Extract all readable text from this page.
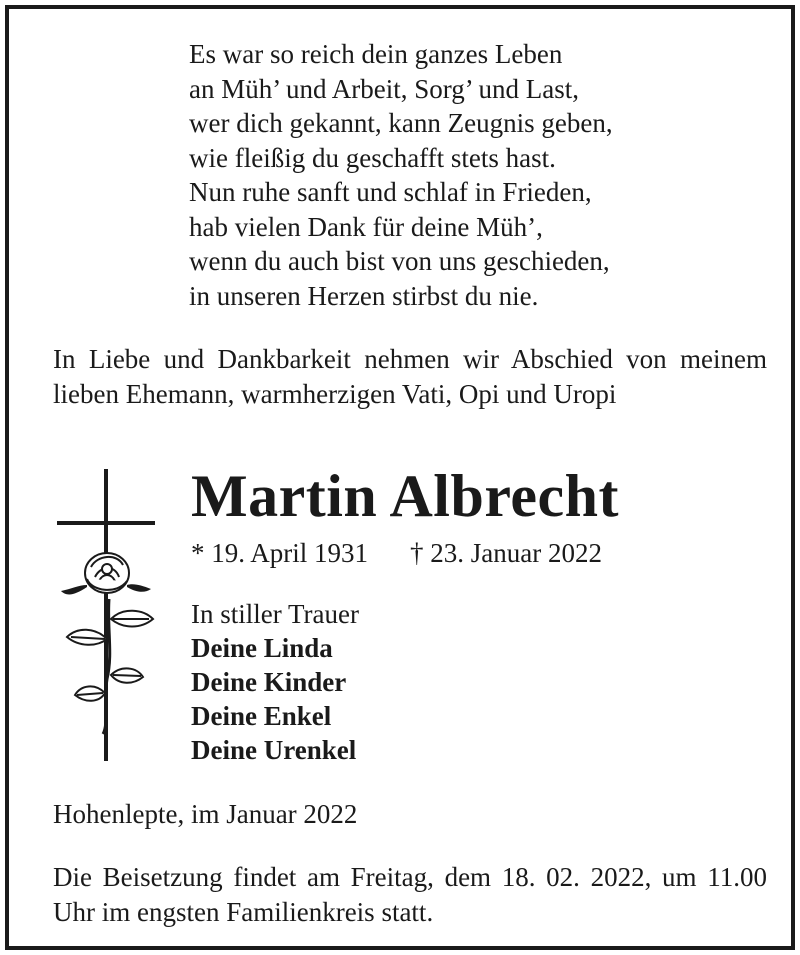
Es war so reich dein ganzes Leben
an Müh’ und Arbeit, Sorg’ und Last,
wer dich gekannt, kann Zeugnis geben,
wie fleißig du geschafft stets hast.
Nun ruhe sanft und schlaf in Frieden,
hab vielen Dank für deine Müh’,
wenn du auch bist von uns geschieden,
in unseren Herzen stirbst du nie.
In Liebe und Dankbarkeit nehmen wir Abschied von meinem lieben Ehemann, warmherzigen Vati, Opi und Uropi
Martin Albrecht
* 19. April 1931 † 23. Januar 2022
In stiller Trauer
Deine Linda
Deine Kinder
Deine Enkel
Deine Urenkel
Hohenlepte, im Januar 2022
Die Beisetzung findet am Freitag, dem 18. 02. 2022, um 11.00 Uhr im engsten Familienkreis statt.
